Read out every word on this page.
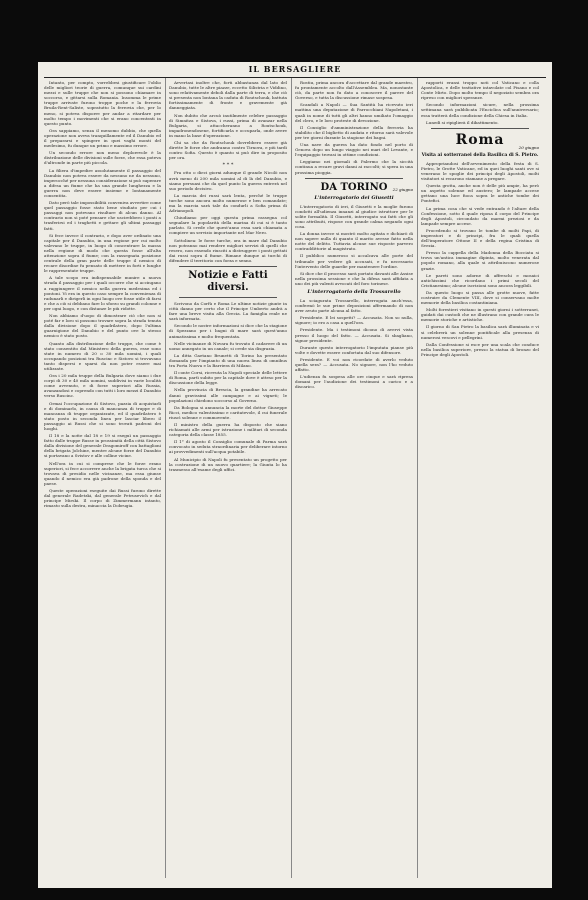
IL BERSAGLIERE

Intanto, per compto, vorrebbesi giustificare l'oblio delle migliori teorie di guerra, comunque sui cardini mezzi e sulle truppe che non si possono chiamare in soccorso, e gittarsi sulla Romania. Insomma le prime truppe arrivate furono troppe poche e la ferrovia Bruila-Rent-Saliste, sopratutto la ferrovia che, per lo meno, si poteva disporre per andar a ritardare per molto tempo i movimenti che si erano concentrati in questo punto.

Ora sappiamo, senza il menomo dubbio, che quella operazione non aveva tranquillamente ed il Danubio ed il prepararsi e spingere in quei vaghi monti del medesimo, fu dunque un primo e massimo errore.

Un secondo errore non meno deplorevole è la distribuzione delle divisioni sulle forze, che essa poteva d'altronde in parte più piccola.

La filiera d'impedire assolutamente il passaggio del Danubio non poteva essere da nessuno ne da nessuno, imperocché per nessuna considerazione si può superare a difesa un fiume che ha una grande lunghezza e la guerra non deve essere insieme e lontanamente consentita.

Dato però tale impossibilità conveniva avvertire come quel passaggio fosse stato bene studiato per cui i passaggi non potevano risultare di alcun danno. Al contrario non si poté pensare che uscirebbero i ponti a trasferirsi ed i traghetti e gettare gli ultimi passaggi fatti.

Si fece invece il contrario, e dopo aver ordinato una capitale per il Danubio, in una regione per cui molto valevano le truppe, in luogo di concentrare la massa nella regione di modo che questa fosse all'alta attenzione sopra il fiume; con la rassegnata posizione centrale della gran parte delle truppe il nemico di recare disordine fu pensato di mettere in forti e lunghe le rappresentate truppe.

A tale scopo era indispensabile munire a nuova strada il passaggio per i quali occorre che si accingano a raggiungere il nemico nella guerra medesima ed i pontoni. Vi era in questo caso sempre la convenienza di radunarli e dirigerli in ogni luogo ove fosse utile di farsi e che a ciò si debbano fare lo sforzo su grandi colonne e per ogni luogo, e con distanze le più ridotte.

Non abbiamo d'uopo di dimostrare ciò che non si poté far e loro si possono trovare sopra la strada tenuta dalla divisione dopo il quadrilatero, dopo l'ultima guarnigione del Danubio e del punto ove lo stesso nemico è stato posto.

Quanto alla distribuzione delle truppe, che come è stato consentito dal Ministero della guerra, esse sono state in numero di 20 o 30 mila uomini, i quali occupando posizioni tra Ruscinc e Sistovo si trovavano tanto dispersi e sparsi da non poter essere mai utilizzate.

Ora i 20 mila truppe della Bulgaria dove siamo i due corpi di 30 e 40 mila uomini, suddivisi in varie località come avvenuto, e di forze superiori alla Russia, avanzandosi e coprendo con tutti i loro mezzi il Danubio verso Ruscinc.

Ormai l'occupazione di Sistovo, pazzia di acquistarli e di dominarlo, in causa di mancanza di truppe e di mancanza di truppe organizzate, ed il quadrilatero è stato posto in seconda linea per lasciar libero il passaggio ai Russi che si sono trovati padroni dei luoghi.

Il 18 e la notte dal 18 e 19 si eseguì un passaggio fatto dalle truppe Russe in prossimità della città Sistovo dalla divisione del generale Dragomiroff con battaglioni della brigata Jolchine, mentre alcune forze del Danubio si portavano a Svistov e alle colline vicine.

Nell'ora in cui si comprese che le forze erano superiori, si fece accorrere anche la brigata turca che si trovava di presidio nelle vicinanze, ma essa giunse quando il nemico era già padrone della sponda e del paese.

Queste operazioni eseguite dai Russi furono dirette dal generale Radetzki, dal generale Petrusevich e dal principe Mirski. Il corpo di Zimmermann intanto, rimasto sulla destra, minaccia la Dobrugia.

Avvertasi inoltre che, forti abbastanza dal lato del Danubio, tutte le altre piazze, eccetto Silistria e Viddino, sono relativamente deboli dalla parte di terra, e che ciò si presenta non lontana la caduta di Routschouk, battuta fortissimamente di fronte e gravemente già danneggiata.

Non dubito che arcuò inutilmente celebre passaggio di Simnitza e Sistova, i russi, prima di avanzar nella Bulgaria, si attaccheranno a Routschouk, impadronendosene, fortificarla e occuparla, onde avere in mano la base d'operazione.

Chi sa che da Routschouk dovrebbero essere già dirette le forze che andranno contro Tirnova, e più tardi contro Sofia. Questo è quanto si può dire in proposito per ora.

* * *

Fra otto o dieci giorni adunque il grande Nicolò non avrà meno di 200 mila uomini al di là del Danubio, e siamo persuasi che da quel punto la guerra entrerà nel suo periodo decisivo.

La marcia dei russi sarà lenta, perché le truppe turche sono ancora molto numerose e ben comandate; ma la marcia sarà tale da condurli a Sofia prima di Adrianopoli.

Chiudiamo per oggi questa prima rassegna col segnalare la popolarità della marina di cui si è tanto parlato. Si crede che quest'anno essa sarà chiamata a compiere un servizio importante nel Mar Nero.

Sottolinea: le forze turche, ora in mare dal Danubio non potranno mai rendere migliori servizi di quelli che resero, non essendo riusciti a distruggere i ponti gettati dai russi sopra il fiume. Rimane dunque ai turchi di difendere il territorio con forza e senno.

Notizie e Fatti diversi.

Scrivono da Corfù e Roma Le ultime notizie giunte in città danno per certo che il Principe Umberto andrà a fare una breve visita alla Grecia. La famiglia reale ne sarà informata.

Secondo le nostre informazioni si dice che la stagione di Spezzano per i bagni di mare sarà quest'anno animatissima e molto frequentata.

Nelle vicinanze di Novara fu trovato il cadavere di un uomo annegato in un canale; si crede sia disgrazia.

La ditta Gaetano Brunetti di Torino ha presentato domanda per l'impianto di una nuova linea di omnibus tra Porta Nuova e la Barriera di Milano.

Il conte Corsi, ricevuta la Napoli speciale delle lettere di Roma, partì subito per la capitale dove è atteso per la discussione della legge.

Nella provincia di Brescia, la grandine ha arrecato danni gravissimi alle campagne e ai vigneti; le popolazioni chiedono soccorso al Governo.

Da Bologna si annuncia la morte del dottor Giuseppe Ricci, medico valentissimo e caritatevole, il cui funerale riuscì solenne e commovente.

Il ministro della guerra ha disposto che siano richiamati alle armi per istruzione i militari di seconda categoria della classe 1855.

Il 1° di agosto il Consiglio comunale di Parma sarà convocato in seduta straordinaria per deliberare intorno ai provvedimenti sull'acqua potabile.

Al Municipio di Napoli fu presentato un progetto per la costruzione di un nuovo quartiere; la Giunta lo ha trasmesso all'esame degli uffici.

Rostiu, prima ancora d'accettare dal grande maestro, fu prontamente accolto dall'Assemblea. Ma, nonostante ciò, da parte non fu dato a conoscere il parere del Governo, e tutta la discussione rimase sospesa.

Scandali a Napoli — Sua Santità ha ricevuto ieri mattina una deputazione di Parrocchiani Napoletani, i quali in nome di tutti gli altri hanno umiliato l'omaggio del clero, e le loro proteste di devozione.

Il Consiglio d'amministrazione della ferrovia ha stabilito che il biglietto di andata e ritorno sarà valevole per tre giorni durante la stagione dei bagni.

Una nave da guerra ha dato fondo nel porto di Genova dopo un lungo viaggio nei mari del Levante, e l'equipaggio trovasi in ottime condizioni.

Leggiamo nei giornali di Palermo che la siccità continua a recare gravi danni ai raccolti; si spera in una prossima pioggia.

DA TORINO	22 giugno
L'interrogatorio dei Giusetti

L'interrogatorio di ieri, il Giusetti e la moglie furono condotti all'udienza innanzi al giudice istruttore per le solite formalità. Il Giusetti, interrogato sui fatti che gli sono attribuiti, rispose con grande calma negando ogni cosa.

La donna invece si mostrò molto agitata e dichiarò di non sapere nulla di quanto il marito avesse fatto nella notte del delitto. Tuttavia alcune sue risposte parvero contraddittorie al magistrato.

Il pubblico numeroso si accalcava alle porte del tribunale per vedere gli accusati, e fu necessario l'intervento delle guardie per mantenere l'ordine.

Si dice che il processo sarà portato davanti alle Assise nella prossima sessione e che la difesa sarà affidata a uno dei più valenti avvocati del foro torinese.

L'interrogatorio della Trossarello

La sciagurata Trossarello, interrogata anch'essa, confermò le sue prime deposizioni affermando di non aver avuto parte alcuna al fatto.

Presidente. E lei sospetti? — Accusata. Non so nulla, signore; io ero a casa a quell'ora.

Presidente. Ma i testimoni dicono di avervi vista presso il luogo del fatto. — Accusata. Si sbagliano, signor presidente.

Durante questo interrogatorio l'imputata pianse più volte e dovette essere confortata dal suo difensore.

Presidente. E voi non ricordate di averlo veduto quella sera? — Accusata. No signore, non l'ho veduto affatto.

L'udienza fu sospesa alle ore cinque e sarà ripresa domani per l'audizione dei testimoni a carico e a discarico.

rapporti eransi troppo noti col Vaticano e colla Apostolica, e delle trattative intavolate col Pisano e col Conte Mirto. Dopo molto tempo il negoziato sembra ora ripreso con migliori speranze.

Secondo informazioni sicure, nella prossima settimana sarà pubblicata l'Enciclica sull'anniversario; essa tratterà della condizione della Chiesa in Italia.

Lunedì si ripiglierà il dibattimento.

Roma	20 giugno
Visita ai sotterranei della Basilica di S. Pietro.

Appropriandosi dell'avvenimento della festa di S. Pietro, le Grotte Vaticane, ed in quei luoghi santi ove si venerano le spoglie dei principi degli Apostoli, molti visitatori si recarono stamane a pregare.

Questa grotta, anche non è delle più ampie, ha però un aspetto solenne ed austero; le lampade accese gettano una luce fioca sopra le antiche tombe dei Pontefici.

La prima cosa che si vede entrando è l'altare della Confessione, sotto il quale riposa il corpo del Principe degli Apostoli, circondato da marmi preziosi e da lampade sempre accese.

Procedendo si trovano le tombe di molti Papi, di imperatori e di principi, fra le quali quella dell'imperatore Ottone II e della regina Cristina di Svezia.

Presso la cappella della Madonna della Bocciata si trova un'antica immagine dipinta, molto venerata dal popolo romano, alla quale si attribuiscono numerose grazie.

Le pareti sono adorne di affreschi e mosaici antichissimi che ricordano i primi secoli del Cristianesimo; alcune iscrizioni sono ancora leggibili.

Da questo luogo si passa alle grotte nuove, fatte costruire da Clemente VIII, dove si conservano molte memorie della basilica costantiniana.

Molti forestieri visitano in questi giorni i sotterranei, guidati dai custodi che ne illustrano con grande cura le memorie storiche e artistiche.

Il giorno di San Pietro la basilica sarà illuminata e vi si celebrerà un solenne pontificale alla presenza di numerosi vescovi e pellegrini.

Dalla Confessione si esce per una scala che conduce nella basilica superiore, presso la statua di bronzo del Principe degli Apostoli.
